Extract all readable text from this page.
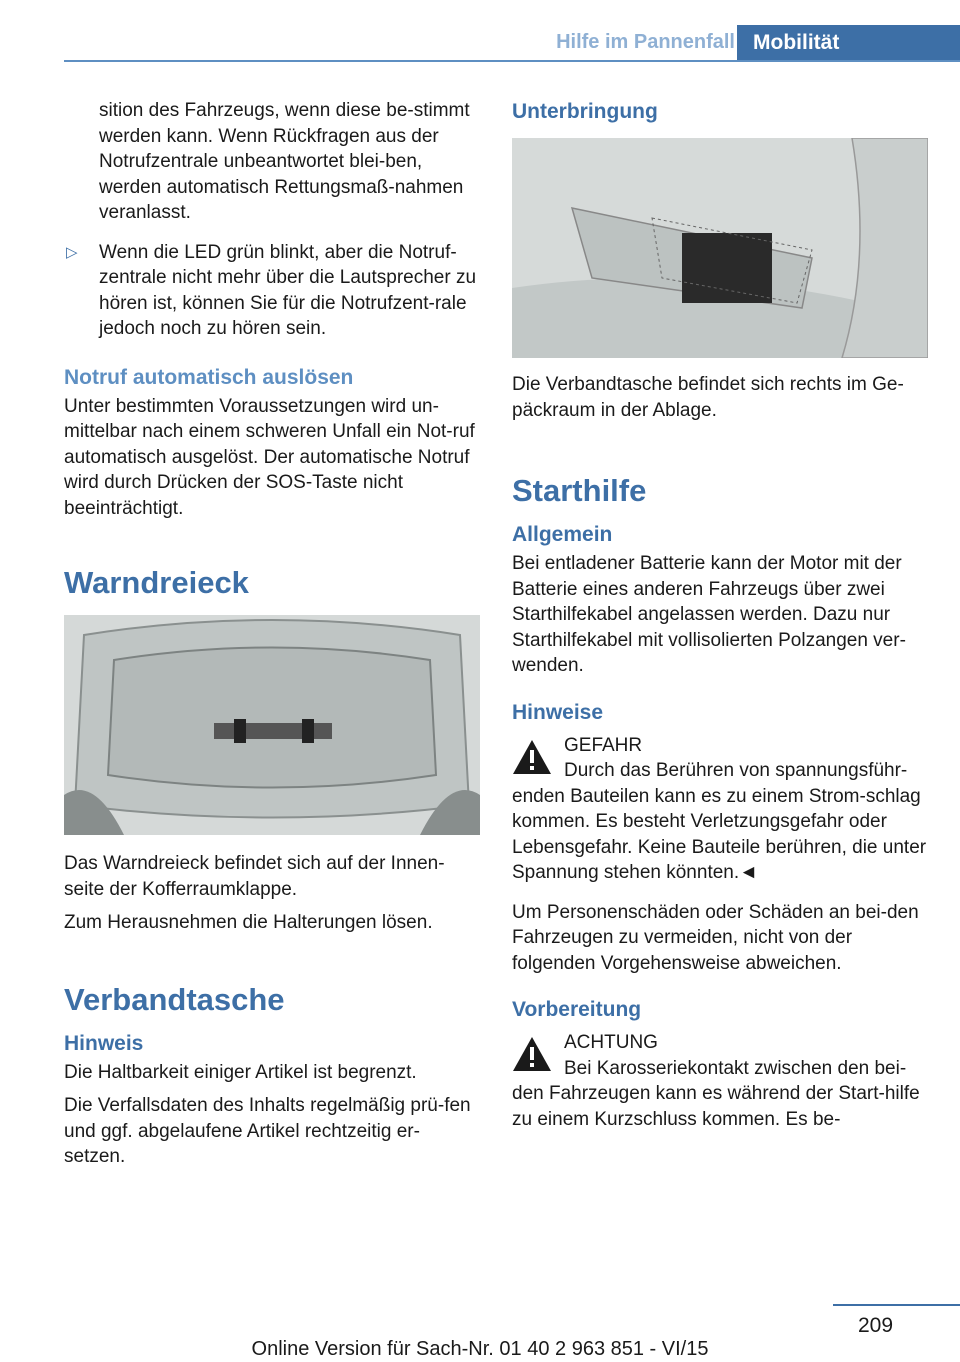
Hilfe im Pannenfall Mobilität

sition des Fahrzeugs, wenn diese be-stimmt werden kann. Wenn Rückfragen aus der Notrufzentrale unbeantwortet blei-ben, werden automatisch Rettungsmaß-nahmen veranlasst.

▷ Wenn die LED grün blinkt, aber die Notruf-zentrale nicht mehr über die Lautsprecher zu hören ist, können Sie für die Notrufzent-rale jedoch noch zu hören sein.
Notruf automatisch auslösen

Unter bestimmten Voraussetzungen wird un-mittelbar nach einem schweren Unfall ein Not-ruf automatisch ausgelöst. Der automatische Notruf wird durch Drücken der SOS-Taste nicht beeinträchtigt.

Warndreieck

Das Warndreieck befindet sich auf der Innen-seite der Kofferraumklappe.

Zum Herausnehmen die Halterungen lösen.

Verbandtasche
Hinweis

Die Haltbarkeit einiger Artikel ist begrenzt.

Die Verfallsdaten des Inhalts regelmäßig prü-fen und ggf. abgelaufene Artikel rechtzeitig er-setzen.

Unterbringung

Die Verbandtasche befindet sich rechts im Ge-päckraum in der Ablage.

Starthilfe
Allgemein

Bei entladener Batterie kann der Motor mit der Batterie eines anderen Fahrzeugs über zwei Starthilfekabel angelassen werden. Dazu nur Starthilfekabel mit vollisolierten Polzangen ver-wenden.

Hinweise
GEFAHR

Durch das Berühren von spannungsführ-enden Bauteilen kann es zu einem Strom-schlag kommen. Es besteht Verletzungsgefahr oder Lebensgefahr. Keine Bauteile berühren, die unter Spannung stehen könnten.◄

Um Personenschäden oder Schäden an bei-den Fahrzeugen zu vermeiden, nicht von der folgenden Vorgehensweise abweichen.

Vorbereitung
ACHTUNG

Bei Karosseriekontakt zwischen den bei-den Fahrzeugen kann es während der Start-hilfe zu einem Kurzschluss kommen. Es be-

209
Online Version für Sach-Nr. 01 40 2 963 851 - VI/15
